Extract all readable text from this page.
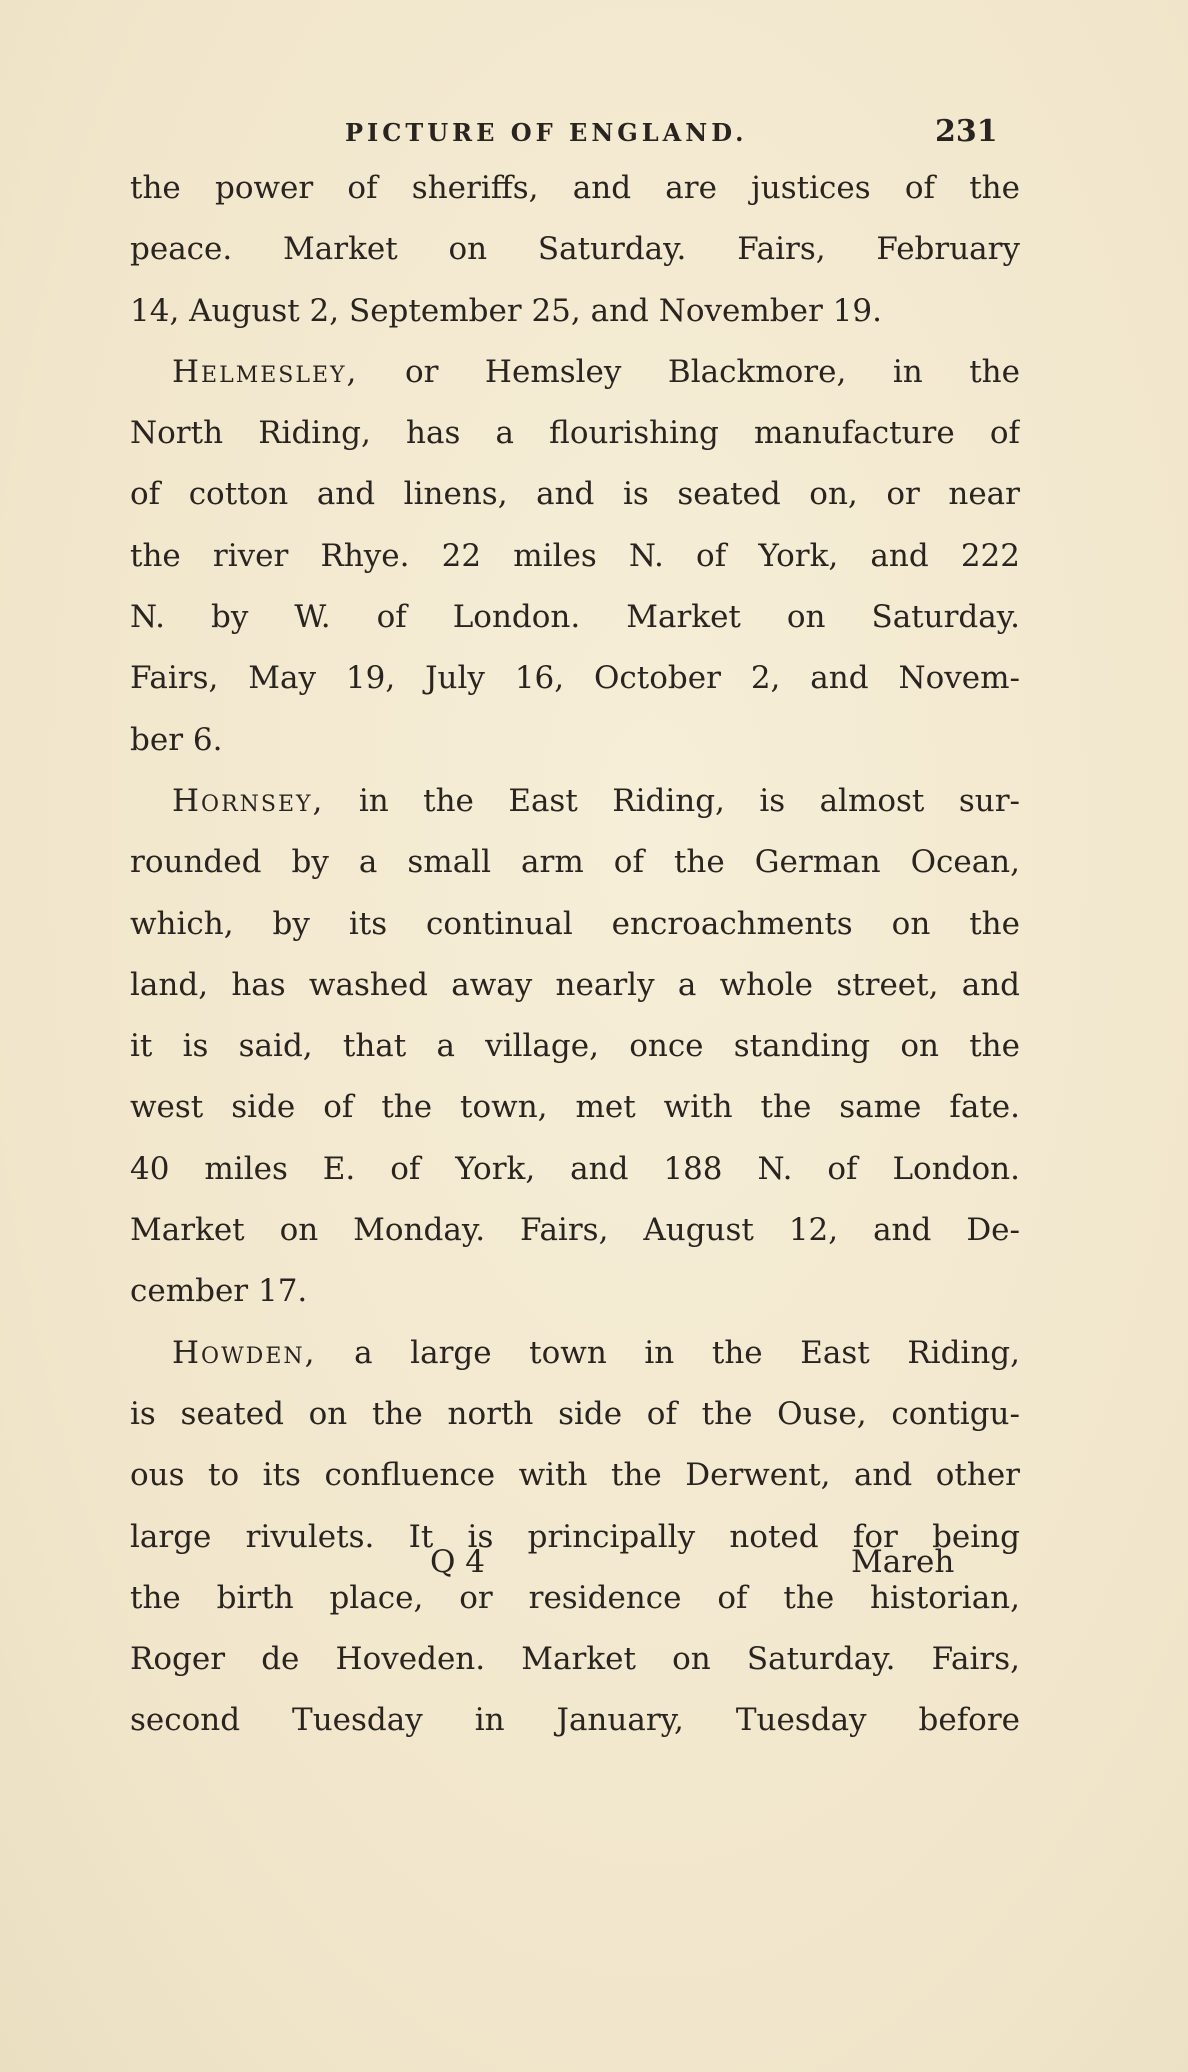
PICTURE OF ENGLAND.	231
the power of sheriffs, and are justices of the
peace. Market on Saturday. Fairs, February
14, August 2, September 25, and November 19.
Helmesley, or Hemsley Blackmore, in the
North Riding, has a flourishing manufacture of
of cotton and linens, and is seated on, or near
the river Rhye. 22 miles N. of York, and 222
N. by W. of London. Market on Saturday.
Fairs, May 19, July 16, October 2, and Novem-
ber 6.
Hornsey, in the East Riding, is almost sur-
rounded by a small arm of the German Ocean,
which, by its continual encroachments on the
land, has washed away nearly a whole street, and
it is said, that a village, once standing on the
west side of the town, met with the same fate.
40 miles E. of York, and 188 N. of London.
Market on Monday. Fairs, August 12, and De-
cember 17.
Howden, a large town in the East Riding,
is seated on the north side of the Ouse, contigu-
ous to its confluence with the Derwent, and other
large rivulets. It is principally noted for being
the birth place, or residence of the historian,
Roger de Hoveden. Market on Saturday. Fairs,
second Tuesday in January, Tuesday before
Q 4	Mareh
